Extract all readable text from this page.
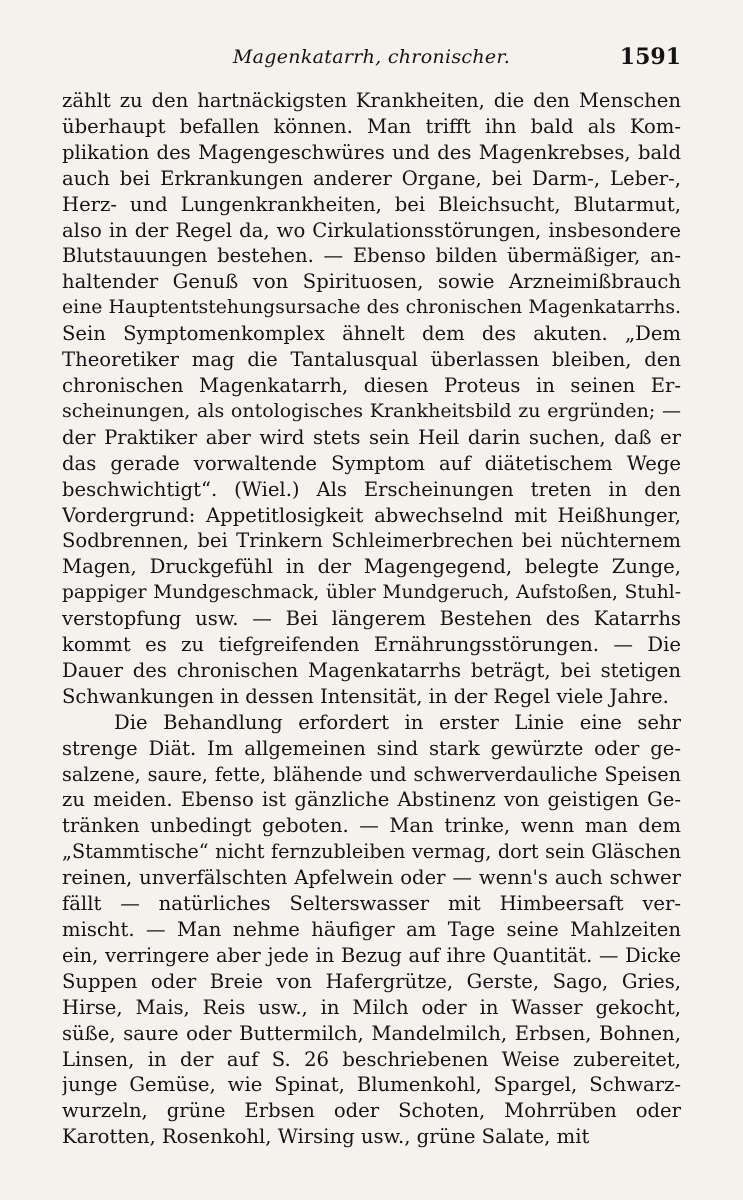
Magenkatarrh, chronischer.	1591
zählt zu den hartnäckigsten Krankheiten, die den Menschen
überhaupt befallen können. Man trifft ihn bald als Kom-
plikation des Magengeschwüres und des Magenkrebses, bald
auch bei Erkrankungen anderer Organe, bei Darm-, Leber-,
Herz- und Lungenkrankheiten, bei Bleichsucht, Blutarmut,
also in der Regel da, wo Cirkulationsstörungen, insbesondere
Blutstauungen bestehen. — Ebenso bilden übermäßiger, an-
haltender Genuß von Spirituosen, sowie Arzneimißbrauch
eine Hauptentstehungsursache des chronischen Magenkatarrhs.
Sein Symptomenkomplex ähnelt dem des akuten. „Dem
Theoretiker mag die Tantalusqual überlassen bleiben, den
chronischen Magenkatarrh, diesen Proteus in seinen Er-
scheinungen, als ontologisches Krankheitsbild zu ergründen; —
der Praktiker aber wird stets sein Heil darin suchen, daß er
das gerade vorwaltende Symptom auf diätetischem Wege
beschwichtigt“. (Wiel.) Als Erscheinungen treten in den
Vordergrund: Appetitlosigkeit abwechselnd mit Heißhunger,
Sodbrennen, bei Trinkern Schleimerbrechen bei nüchternem
Magen, Druckgefühl in der Magengegend, belegte Zunge,
pappiger Mundgeschmack, übler Mundgeruch, Aufstoßen, Stuhl-
verstopfung usw. — Bei längerem Bestehen des Katarrhs
kommt es zu tiefgreifenden Ernährungsstörungen. — Die
Dauer des chronischen Magenkatarrhs beträgt, bei stetigen
Schwankungen in dessen Intensität, in der Regel viele Jahre.
Die Behandlung erfordert in erster Linie eine sehr
strenge Diät. Im allgemeinen sind stark gewürzte oder ge-
salzene, saure, fette, blähende und schwerverdauliche Speisen
zu meiden. Ebenso ist gänzliche Abstinenz von geistigen Ge-
tränken unbedingt geboten. — Man trinke, wenn man dem
„Stammtische“ nicht fernzubleiben vermag, dort sein Gläschen
reinen, unverfälschten Apfelwein oder — wenn's auch schwer
fällt — natürliches Selterswasser mit Himbeersaft ver-
mischt. — Man nehme häufiger am Tage seine Mahlzeiten
ein, verringere aber jede in Bezug auf ihre Quantität. — Dicke
Suppen oder Breie von Hafergrütze, Gerste, Sago, Gries,
Hirse, Mais, Reis usw., in Milch oder in Wasser gekocht,
süße, saure oder Buttermilch, Mandelmilch, Erbsen, Bohnen,
Linsen, in der auf S. 26 beschriebenen Weise zubereitet,
junge Gemüse, wie Spinat, Blumenkohl, Spargel, Schwarz-
wurzeln, grüne Erbsen oder Schoten, Mohrrüben oder
Karotten, Rosenkohl, Wirsing usw., grüne Salate, mit
